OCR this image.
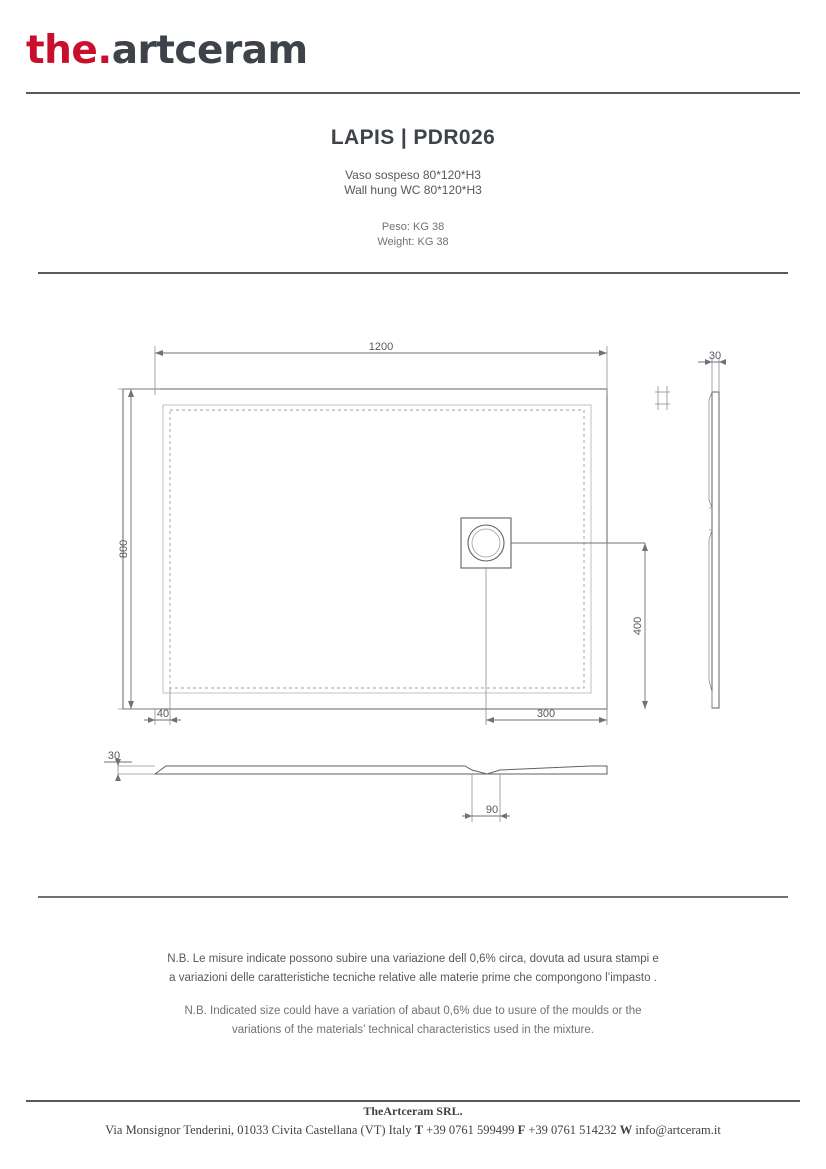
the.artceram
LAPIS | PDR026
Vaso sospeso 80*120*H3
Wall hung WC 80*120*H3
Peso: KG 38
Weight: KG 38
1200
800
400
300
40
30
30
90
N.B. Le misure indicate possono subire una variazione dell 0,6% circa, dovuta ad usura stampi e
a variazioni delle caratteristiche tecniche relative alle materie prime che compongono l’impasto .
N.B. Indicated size could have a variation of abaut 0,6% due to usure of the moulds or the
variations of the materials’ technical characteristics used in the mixture.
TheArtceram SRL.
Via Monsignor Tenderini, 01033 Civita Castellana (VT) Italy T +39 0761 599499 F +39 0761 514232 W info@artceram.it
